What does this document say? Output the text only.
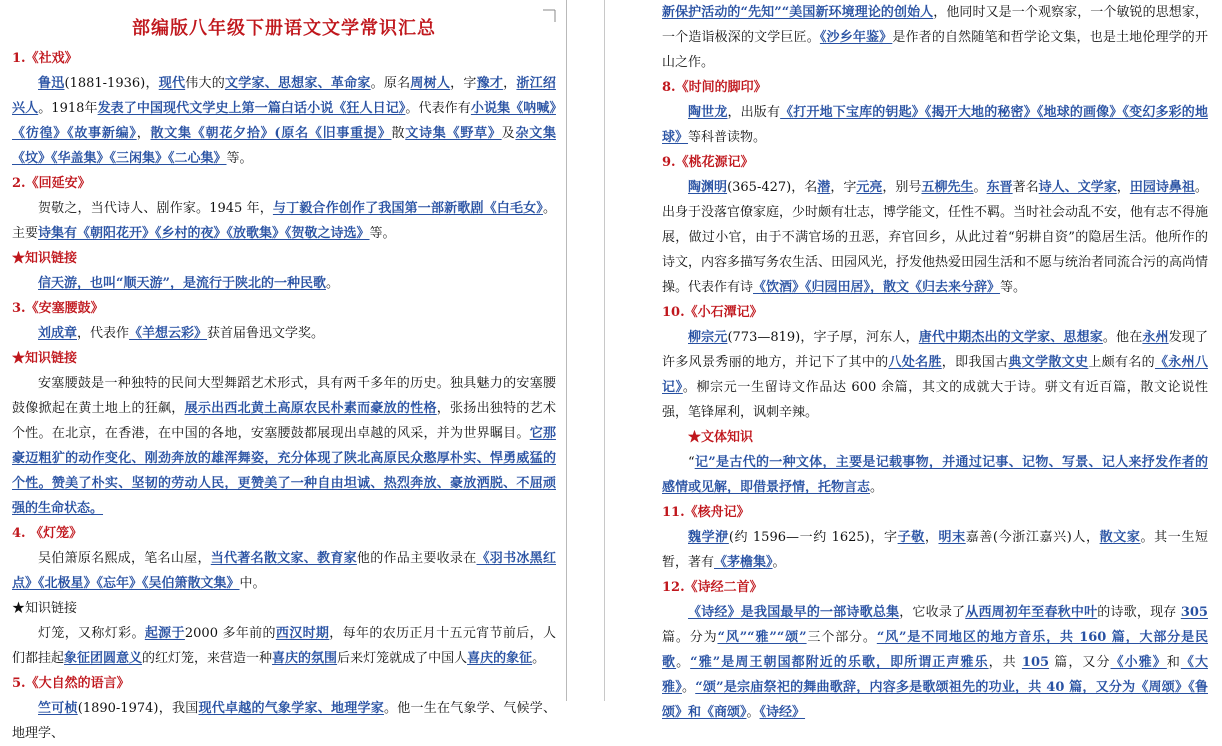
部编版八年级下册语文文学常识汇总

1.《社戏》

鲁迅(1881-1936)，现代伟大的文学家、思想家、革命家。原名周树人，字豫才，浙江绍兴人。1918年发表了中国现代文学史上第一篇白话小说《狂人日记》。代表作有小说集《呐喊》《彷徨》《故事新编》，散文集《朝花夕拾》(原名《旧事重提》散文诗集《野草》及杂文集《坟》《华盖集》《三闲集》《二心集》等。

2.《回延安》

贺敬之，当代诗人、剧作家。1945 年，与丁毅合作创作了我国第一部新歌剧《白毛女》。主要诗集有《朝阳花开》《乡村的夜》《放歌集》《贺敬之诗选》等。

★知识链接

信天游，也叫“顺天游”，是流行于陕北的一种民歌。

3.《安塞腰鼓》

刘成章，代表作《羊想云彩》获首届鲁迅文学奖。

★知识链接

安塞腰鼓是一种独特的民间大型舞蹈艺术形式，具有两千多年的历史。独具魅力的安塞腰鼓像掀起在黄土地上的狂飙，展示出西北黄土高原农民朴素而豪放的性格，张扬出独特的艺术个性。在北京，在香港，在中国的各地，安塞腰鼓都展现出卓越的风采，并为世界瞩目。它那豪迈粗犷的动作变化、刚劲奔放的雄浑舞姿，充分体现了陕北高原民众憨厚朴实、悍勇威猛的个性。赞美了朴实、坚韧的劳动人民，更赞美了一种自由坦诚、热烈奔放、豪放洒脱、不屈顽强的生命状态。

4. 《灯笼》

吴伯箫原名熙成，笔名山屋，当代著名散文家、教育家他的作品主要收录在《羽书冰黑红点》《北极星》《忘年》《吴伯箫散文集》中。

★知识链接

灯笼，又称灯彩。起源于2000 多年前的西汉时期，每年的农历正月十五元宵节前后，人们都挂起象征团圆意义的红灯笼，来营造一种喜庆的氛围后来灯笼就成了中国人喜庆的象征。

5.《大自然的语言》

竺可桢(1890-1974)，我国现代卓越的气象学家、地理学家。他一生在气象学、气候学、地理学、

新保护活动的“先知”“美国新环境理论的创始人，他同时又是一个观察家，一个敏锐的思想家，一个造诣极深的文学巨匠。《沙乡年鉴》是作者的自然随笔和哲学论文集，也是土地伦理学的开山之作。

8.《时间的脚印》

陶世龙，出版有《打开地下宝库的钥匙》《揭开大地的秘密》《地球的画像》《变幻多彩的地球》等科普读物。

9.《桃花源记》

陶渊明(365-427)，名潜，字元亮，别号五柳先生。东晋著名诗人、文学家，田园诗鼻祖。出身于没落官僚家庭，少时颇有壮志，博学能文，任性不羁。当时社会动乱不安，他有志不得施展，做过小官，由于不满官场的丑恶，弃官回乡，从此过着“躬耕自资”的隐居生活。他所作的诗文，内容多描写务农生活、田园风光，抒发他热爱田园生活和不愿与统治者同流合污的高尚情操。代表作有诗《饮酒》《归园田居》，散文《归去来兮辞》等。

10.《小石潭记》

柳宗元(773—819)，字子厚，河东人，唐代中期杰出的文学家、思想家。他在永州发现了许多风景秀丽的地方，并记下了其中的八处名胜，即我国古典文学散文史上颇有名的《永州八记》。柳宗元一生留诗文作品达 600 余篇，其文的成就大于诗。骈文有近百篇，散文论说性强，笔锋犀利，讽刺辛辣。

★文体知识

“记”是古代的一种文体，主要是记载事物，并通过记事、记物、写景、记人来抒发作者的感情或见解，即借景抒情，托物言志。

11.《核舟记》

魏学洢(约 1596—一约 1625)，字子敬，明末嘉善(今浙江嘉兴)人，散文家。其一生短暂，著有《茅檐集》。

12.《诗经二首》

《诗经》是我国最早的一部诗歌总集，它收录了从西周初年至春秋中叶的诗歌，现存 305篇。分为“风”“雅”“颂”三个部分。“风”是不同地区的地方音乐，共 160 篇，大部分是民歌。“雅”是周王朝国都附近的乐歌，即所谓正声雅乐，共 105 篇，又分《小雅》和《大雅》。“颂”是宗庙祭祀的舞曲歌辞，内容多是歌颂祖先的功业，共 40 篇，又分为《周颂》《鲁颂》和《商颂》。《诗经》
